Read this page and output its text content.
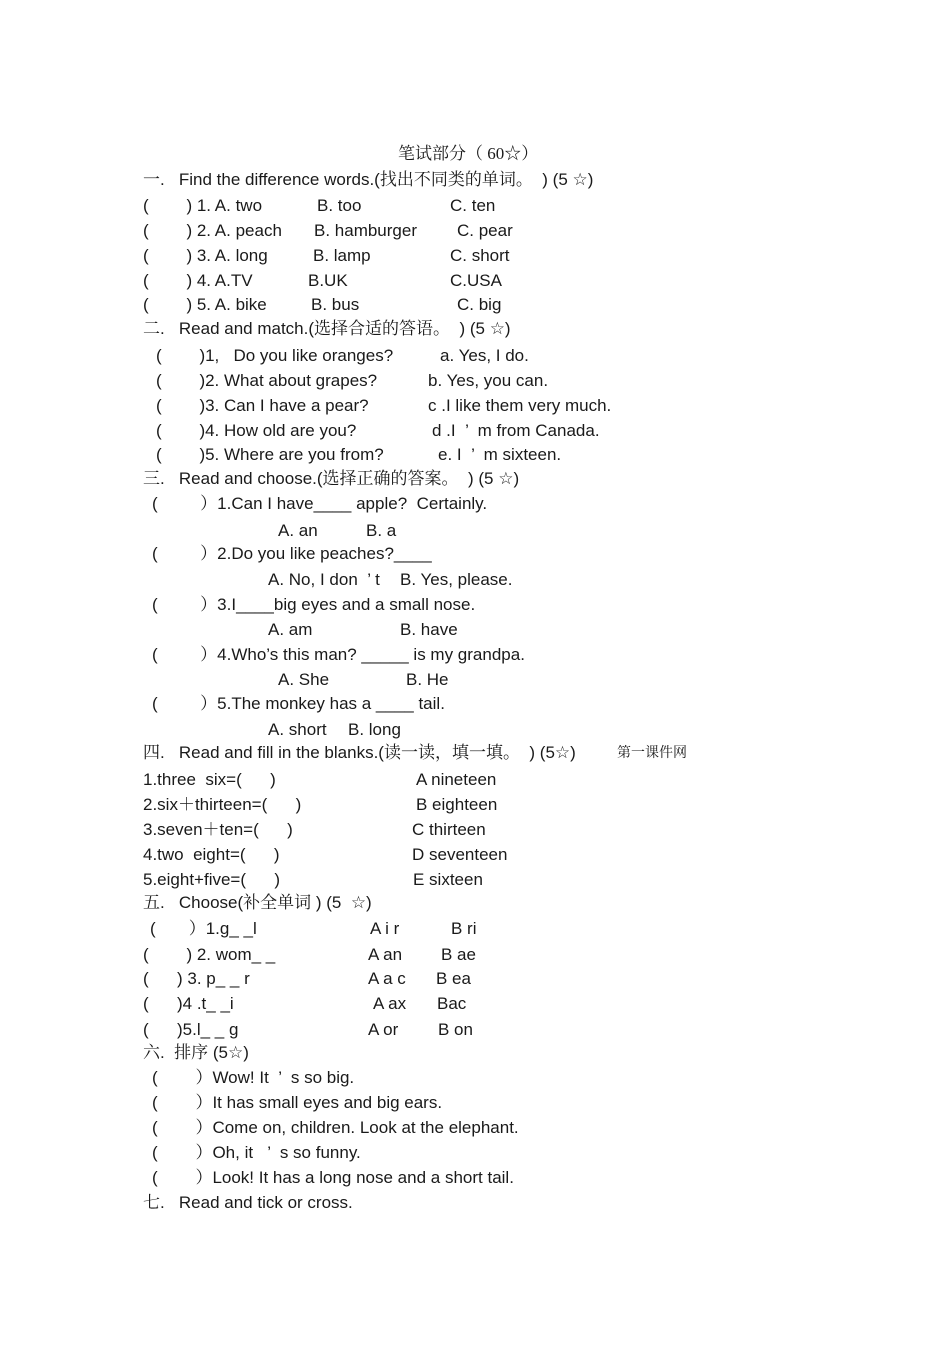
笔试部分（ 60☆）
一.   Find the difference words.(找出不同类的单词。  ) (5 ☆)
(        ) 1. A. two	B. too	C. ten
(        ) 2. A. peach B. hamburger C. pear
(        ) 3. A. long	B. lamp	C. short
(        ) 4. A.TV	B.UK	C.USA
(        ) 5. A. bike	B. bus	C. big
二.   Read and match.(选择合适的答语。  ) (5 ☆)
(        )1,   Do you like oranges?	a. Yes, I do.
(        )2. What about grapes?	b. Yes, you can.
(        )3. Can I have a pear?	c .I like them very much.
(        )4. How old are you?	d .I  ’  m from Canada.
(        )5. Where are you from?	e. I  ’  m sixteen.
三.   Read and choose.(选择正确的答案。  ) (5 ☆)
(         ）1.Can I have____ apple?  Certainly.
A. an	B. a
(         ）2.Do you like peaches?____
A. No, I don  ’ t B. Yes, please.
(         ）3.I____big eyes and a small nose.
A. am	B. have
(         ）4.Who’s this man? _____ is my grandpa.
A. She	B. He
(         ）5.The monkey has a ____ tail.
A. short B. long
四.   Read and fill in the blanks.(读一读，填一填。  ) (5☆)	第一课件网
1.three  six=(      )	A nineteen
2.six＋thirteen=(      )	B eighteen
3.seven＋ten=(      )	C thirteen
4.two  eight=(      )	D seventeen
5.eight+five=(      )	E sixteen
五.   Choose(补全单词 ) (5  ☆)
(       ）1.g_ _l	A i r	B ri
(        ) 2. wom_ _	A an B ae
(      ) 3. p_ _ r	A a c B ea
(      )4 .t_ _i	A ax Bac
(      )5.l_ _ g	A or B on
六.  排序 (5☆)
(        ）Wow! It  ’  s so big.
(        ）It has small eyes and big ears.
(        ）Come on, children. Look at the elephant.
(        ）Oh, it   ’  s so funny.
(        ）Look! It has a long nose and a short tail.
七.   Read and tick or cross.
